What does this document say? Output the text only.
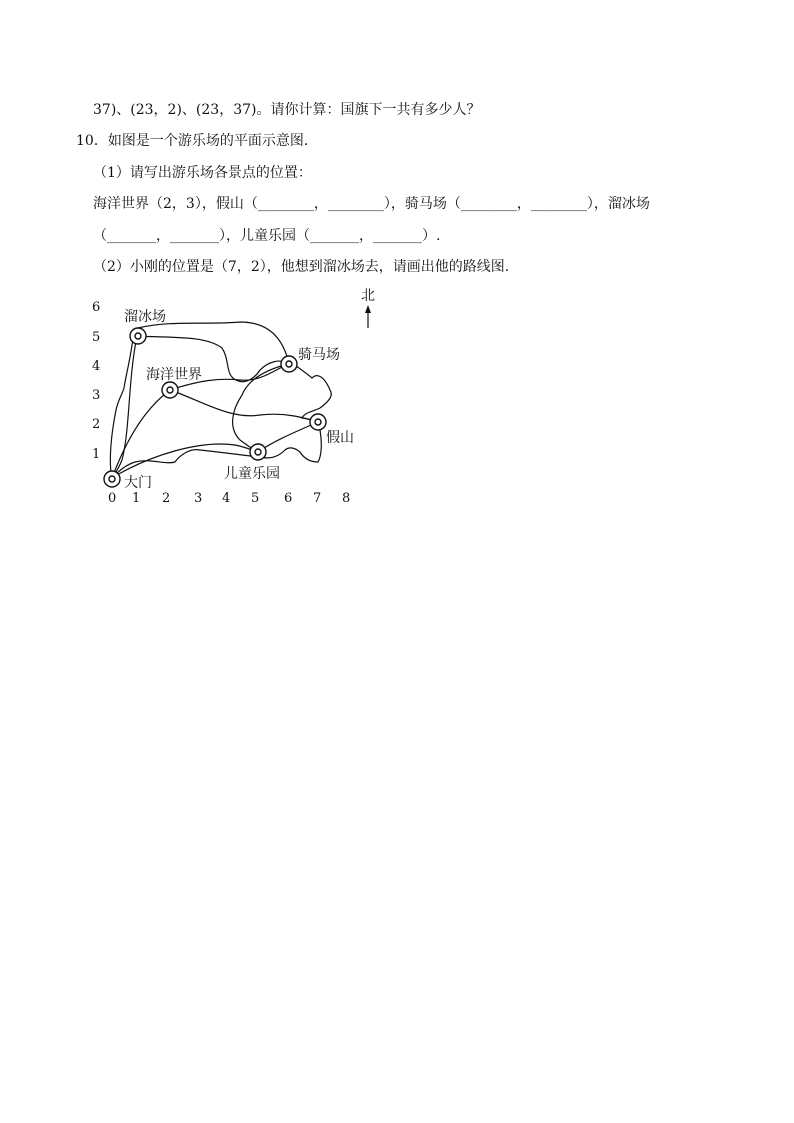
37)、(23，2)、(23，37)。请你计算：国旗下一共有多少人？
10．如图是一个游乐场的平面示意图．
（1）请写出游乐场各景点的位置：
海洋世界（2，3），假山（________，________），骑马场（________，________），溜冰场
（_______，_______），儿童乐园（_______，_______）.
（2）小刚的位置是（7，2），他想到溜冰场去，请画出他的路线图.
北
6
5
4
3
2
1
0 1 2 3 4 5 6 7 8
溜冰场
海洋世界
骑马场
假山
儿童乐园
大门
